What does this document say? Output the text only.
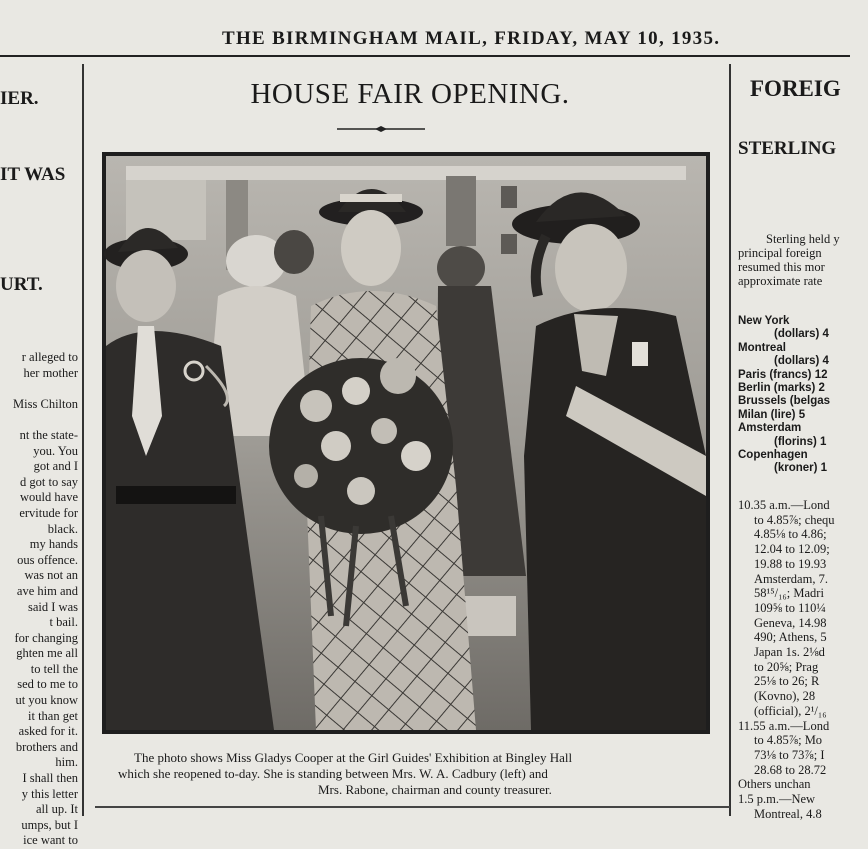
THE BIRMINGHAM MAIL, FRIDAY, MAY 10, 1935.
IER.
IT WAS
URT.
r alleged to
her mother

Miss Chilton

nt the state-
you. You
got and I
d got to say
would have
ervitude for
black.
my hands
ous offence.
was not an
ave him and
said I was
t bail.
for changing
ghten me all
to tell the
sed to me to
ut you know
it than get
asked for it.
brothers and
him.
I shall then
y this letter
all up. It
umps, but I
ice want to
HOUSE FAIR OPENING.

The photo shows Miss Gladys Cooper at the Girl Guides' Exhibition at Bingley Hall

which she reopened to-day. She is standing between Mrs. W. A. Cadbury (left) and

Mrs. Rabone, chairman and county treasurer.

FOREIG
STERLING
Sterling held y
principal foreign
resumed this mor
approximate rate
New York
(dollars) 4
Montreal
(dollars) 4
Paris (francs) 12
Berlin (marks) 2
Brussels (belgas
Milan (lire) 5
Amsterdam
(florins) 1
Copenhagen
(kroner) 1
10.35 a.m.—Lond
to 4.85⅞; chequ
4.85⅛ to 4.86;
12.04 to 12.09;
19.88 to 19.93
Amsterdam, 7.
58¹⁵/₁₆; Madri
109⅝ to 110¼
Geneva, 14.98
490; Athens, 5
Japan 1s. 2⅛d
to 20⅝; Prag
25⅛ to 26; R
(Kovno), 28
(official), 2¹/₁₆
11.55 a.m.—Lond
to 4.85⅞; Mo
73⅛ to 73⅞; I
28.68 to 28.72
Others unchan
1.5 p.m.—New
Montreal, 4.8
